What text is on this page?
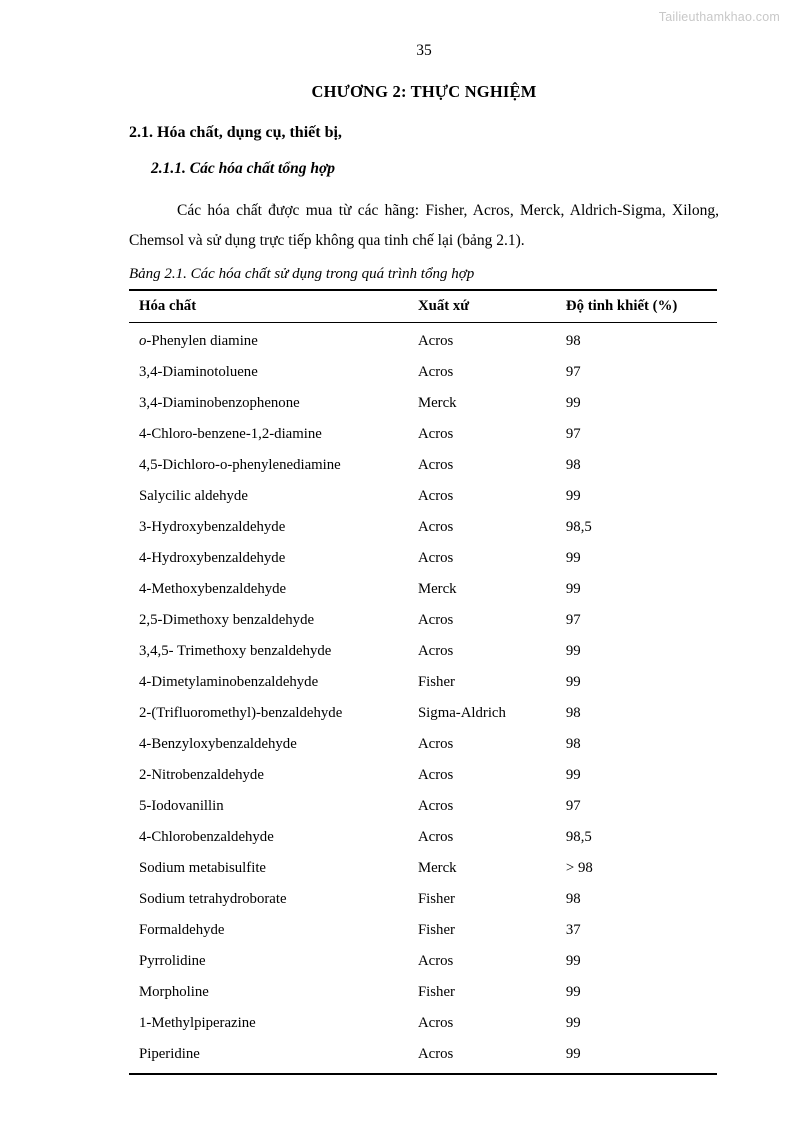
Tailieuthamkhao.com
35
CHƯƠNG 2: THỰC NGHIỆM
2.1. Hóa chất, dụng cụ, thiết bị,
2.1.1. Các hóa chất tổng hợp
Các hóa chất được mua từ các hãng: Fisher, Acros, Merck, Aldrich-Sigma, Xilong, Chemsol và sử dụng trực tiếp không qua tinh chế lại (bảng 2.1).
Bảng 2.1. Các hóa chất sử dụng trong quá trình tổng hợp
Hóa chất	Xuất xứ	Độ tinh khiết (%)
o-Phenylen diamine	Acros	98
3,4-Diaminotoluene	Acros	97
3,4-Diaminobenzophenone	Merck	99
4-Chloro-benzene-1,2-diamine	Acros	97
4,5-Dichloro-o-phenylenediamine	Acros	98
Salycilic aldehyde	Acros	99
3-Hydroxybenzaldehyde	Acros	98,5
4-Hydroxybenzaldehyde	Acros	99
4-Methoxybenzaldehyde	Merck	99
2,5-Dimethoxy benzaldehyde	Acros	97
3,4,5- Trimethoxy benzaldehyde	Acros	99
4-Dimetylaminobenzaldehyde	Fisher	99
2-(Trifluoromethyl)-benzaldehyde	Sigma-Aldrich	98
4-Benzyloxybenzaldehyde	Acros	98
2-Nitrobenzaldehyde	Acros	99
5-Iodovanillin	Acros	97
4-Chlorobenzaldehyde	Acros	98,5
Sodium metabisulfite	Merck	> 98
Sodium tetrahydroborate	Fisher	98
Formaldehyde	Fisher	37
Pyrrolidine	Acros	99
Morpholine	Fisher	99
1-Methylpiperazine	Acros	99
Piperidine	Acros	99
